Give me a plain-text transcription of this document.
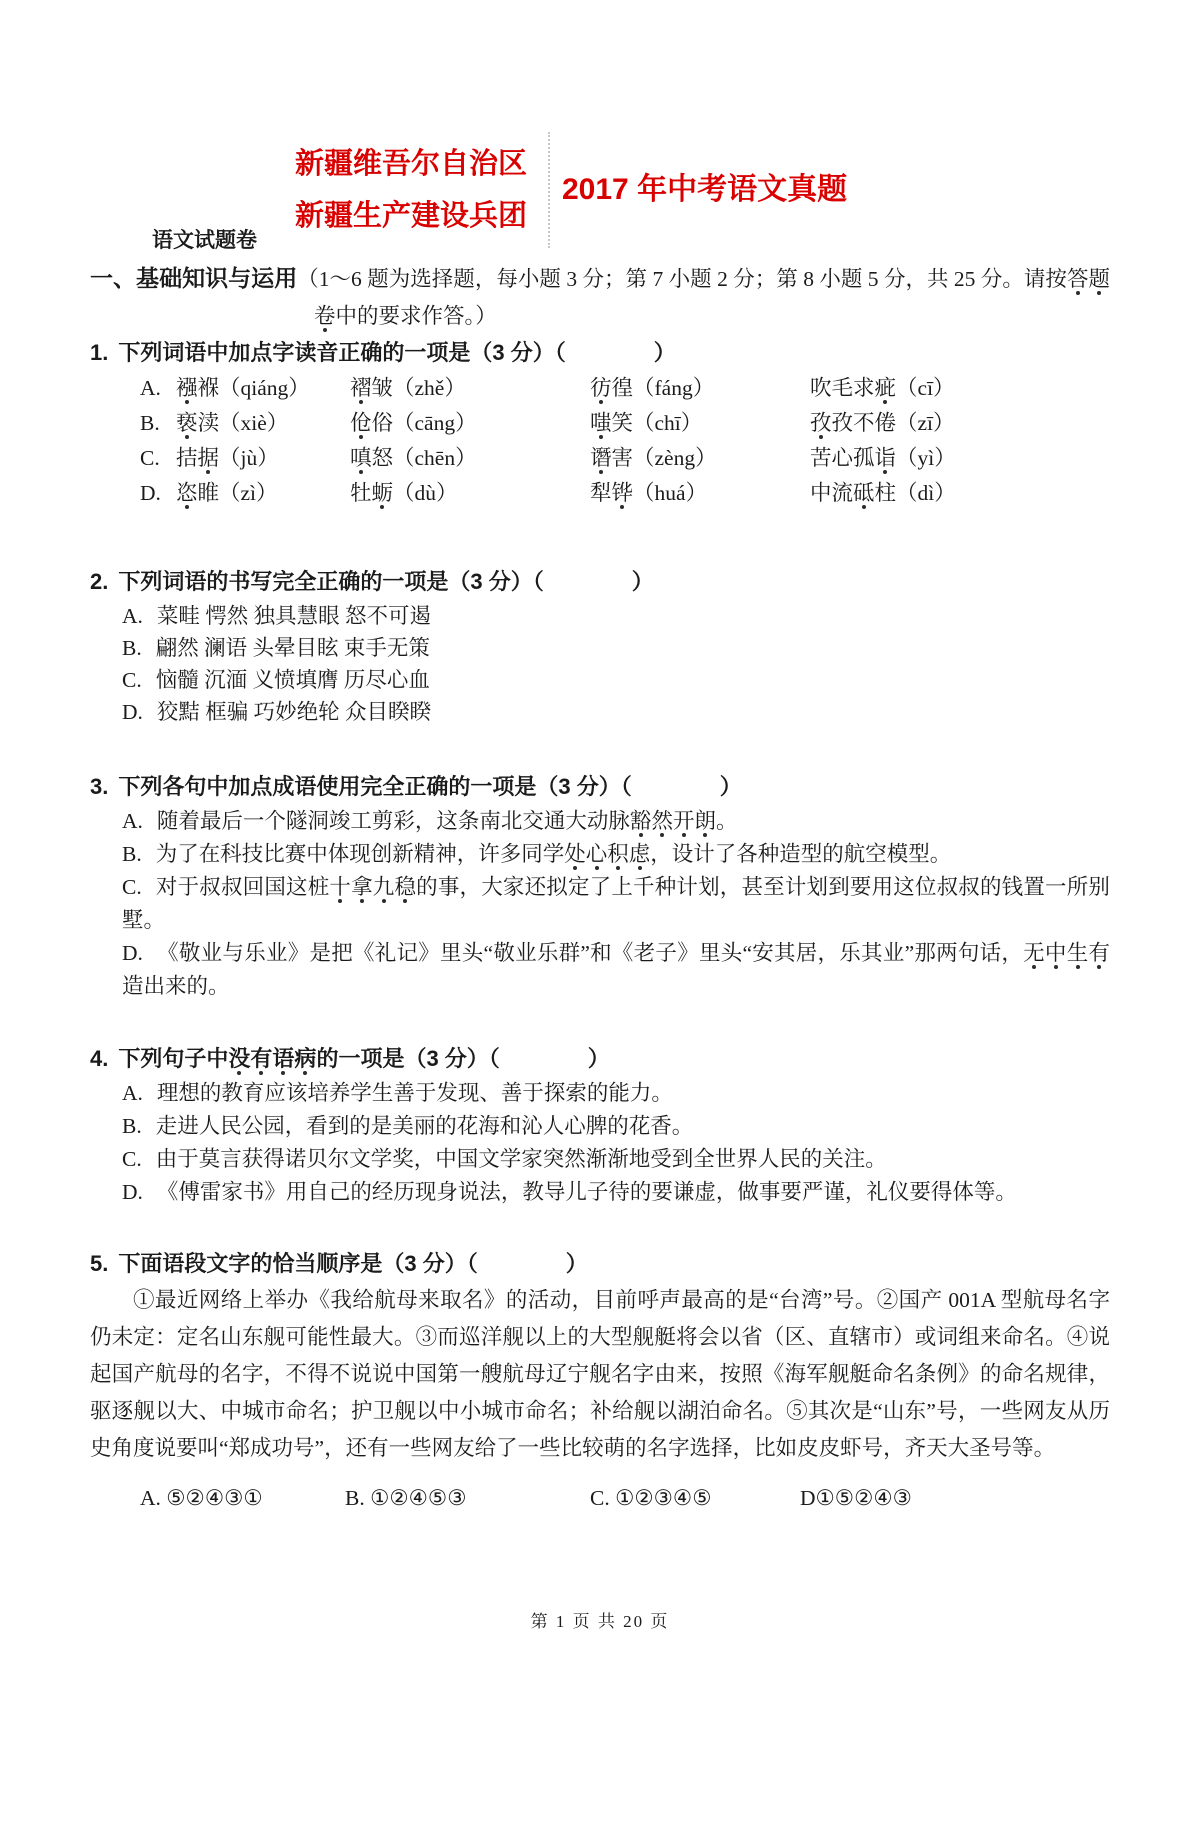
新疆维吾尔自治区
新疆生产建设兵团
2017 年中考语文真题
语文试题卷
一、基础知识与运用（1～6 题为选择题，每小题 3 分；第 7 小题 2 分；第 8 小题 5 分，共 25 分。请按答题卷中的要求作答。）
1. 下列词语中加点字读音正确的一项是（3 分）（　　　　）
A. 襁褓（qiáng）	褶皱（zhě）	彷徨（fáng）	吹毛求疵（cī）
B. 亵渎（xiè）	伧俗（cāng）	嗤笑（chī）	孜孜不倦（zī）
C. 拮据（jù）	嗔怒（chēn）	谮害（zèng）	苦心孤诣（yì）
D. 恣睢（zì）	牡蛎（dù）	犁铧（huá）	中流砥柱（dì）
2. 下列词语的书写完全正确的一项是（3 分）（　　　　）
A. 菜畦 愕然 独具慧眼 怒不可遏
B. 翩然 澜语 头晕目眩 束手无策
C. 恼髓 沉湎 义愤填膺 历尽心血
D. 狡黠 框骗 巧妙绝轮 众目睽睽
3. 下列各句中加点成语使用完全正确的一项是（3 分）（　　　　）
A. 随着最后一个隧洞竣工剪彩，这条南北交通大动脉豁然开朗。
B. 为了在科技比赛中体现创新精神，许多同学处心积虑，设计了各种造型的航空模型。
C. 对于叔叔回国这桩十拿九稳的事，大家还拟定了上千种计划，甚至计划到要用这位叔叔的钱置一所别墅。
D. 《敬业与乐业》是把《礼记》里头“敬业乐群”和《老子》里头“安其居，乐其业”那两句话，无中生有造出来的。
4. 下列句子中没有语病的一项是（3 分）（　　　　）
A. 理想的教育应该培养学生善于发现、善于探索的能力。
B. 走进人民公园，看到的是美丽的花海和沁人心脾的花香。
C. 由于莫言获得诺贝尔文学奖，中国文学家突然渐渐地受到全世界人民的关注。
D. 《傅雷家书》用自己的经历现身说法，教导儿子待的要谦虚，做事要严谨，礼仪要得体等。
5. 下面语段文字的恰当顺序是（3 分）（　　　　）
①最近网络上举办《我给航母来取名》的活动，目前呼声最高的是“台湾”号。②国产 001A 型航母名字仍未定：定名山东舰可能性最大。③而巡洋舰以上的大型舰艇将会以省（区、直辖市）或词组来命名。④说起国产航母的名字，不得不说说中国第一艘航母辽宁舰名字由来，按照《海军舰艇命名条例》的命名规律，驱逐舰以大、中城市命名；护卫舰以中小城市命名；补给舰以湖泊命名。⑤其次是“山东”号，一些网友从历史角度说要叫“郑成功号”，还有一些网友给了一些比较萌的名字选择，比如皮皮虾号，齐天大圣号等。
A. ⑤②④③①	B. ①②④⑤③	C. ①②③④⑤	D①⑤②④③
第 1 页 共 20 页
